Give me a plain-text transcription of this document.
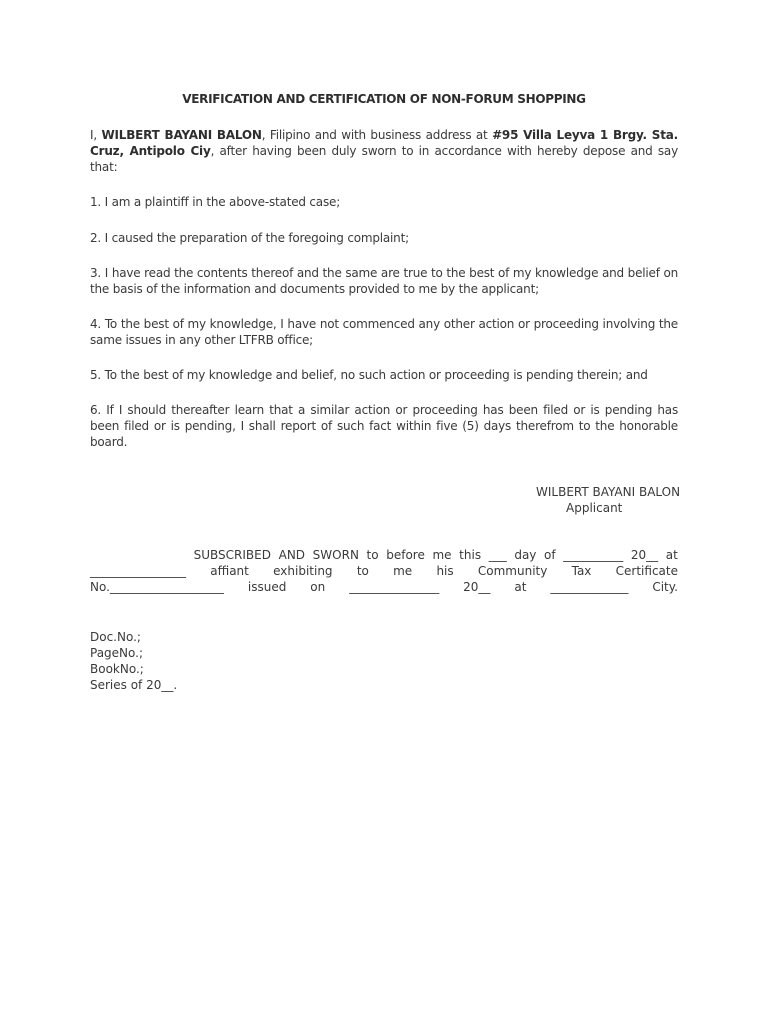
VERIFICATION AND CERTIFICATION OF NON-FORUM SHOPPING
I, WILBERT BAYANI BALON, Filipino and with business address at #95 Villa Leyva 1 Brgy. Sta. Cruz, Antipolo Ciy, after having been duly sworn to in accordance with hereby depose and say that:
1. I am a plaintiff in the above-stated case;
2. I caused the preparation of the foregoing complaint;
3. I have read the contents thereof and the same are true to the best of my knowledge and belief on the basis of the information and documents provided to me by the applicant;
4. To the best of my knowledge, I have not commenced any other action or proceeding involving the same issues in any other LTFRB office;
5. To the best of my knowledge and belief, no such action or proceeding is pending therein; and
6. If I should thereafter learn that a similar action or proceeding has been filed or is pending has been filed or is pending, I shall report of such fact within five (5) days therefrom to the honorable board.
WILBERT BAYANI BALON
Applicant
SUBSCRIBED AND SWORN to before me this ___ day of __________ 20__ at
________________ affiant exhibiting to me his Community Tax Certificate
No.___________________ issued on _______________ 20__ at _____________ City.
Doc.No.;
PageNo.;
BookNo.;
Series of 20__.
